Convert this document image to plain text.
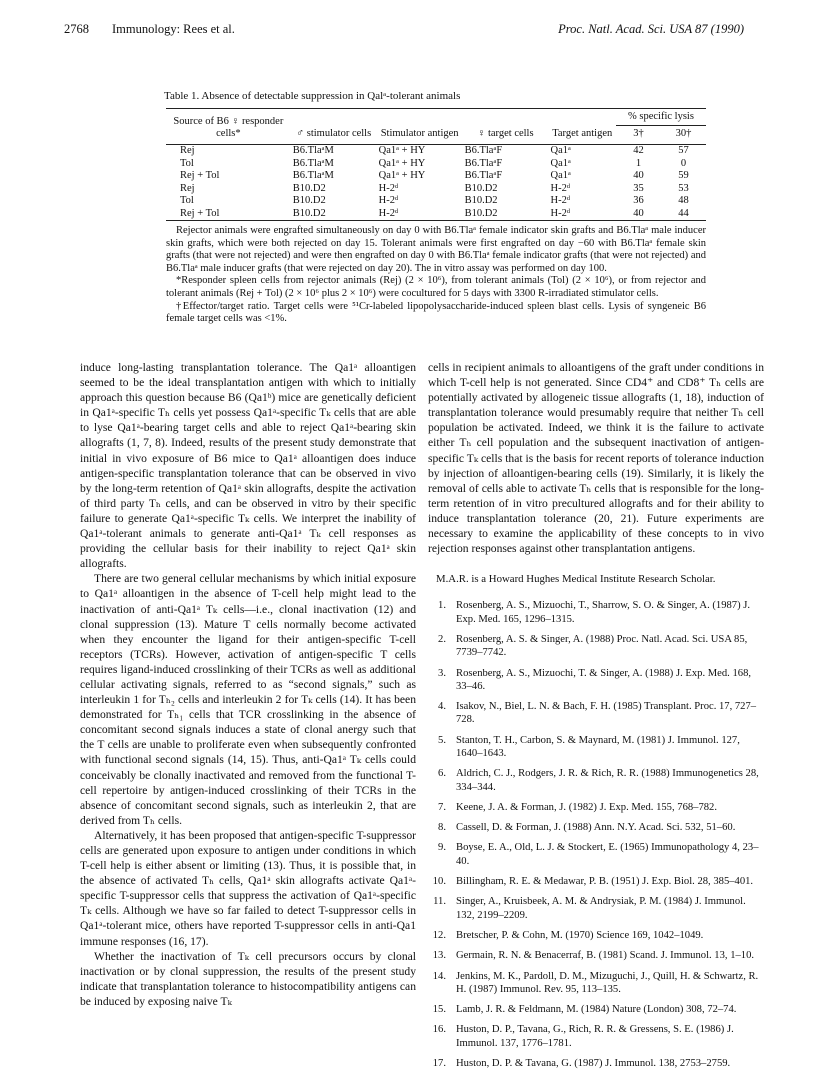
2768 Immunology: Rees et al.	Proc. Natl. Acad. Sci. USA 87 (1990)
Table 1. Absence of detectable suppression in Qalᵃ-tolerant animals
Source of B6 ♀ responder cells*	♂ stimulator cells	Stimulator antigen	♀ target cells	Target antigen	% specific lysis	
					3†	30†
Rej	B6.TlaᵃM	Qa1ᵃ + HY	B6.TlaᵃF	Qa1ᵃ	42	57
Tol	B6.TlaᵃM	Qa1ᵃ + HY	B6.TlaᵃF	Qa1ᵃ	1	0
Rej + Tol	B6.TlaᵃM	Qa1ᵃ + HY	B6.TlaᵃF	Qa1ᵃ	40	59
Rej	B10.D2	H-2ᵈ	B10.D2	H-2ᵈ	35	53
Tol	B10.D2	H-2ᵈ	B10.D2	H-2ᵈ	36	48
Rej + Tol	B10.D2	H-2ᵈ	B10.D2	H-2ᵈ	40	44

Rejector animals were engrafted simultaneously on day 0 with B6.Tlaᵃ female indicator skin grafts and B6.Tlaᵃ male inducer skin grafts, which were both rejected on day 15. Tolerant animals were first engrafted on day −60 with B6.Tlaᵃ female skin grafts (that were not rejected) and were then engrafted on day 0 with B6.Tlaᵃ female indicator grafts (that were not rejected) and B6.Tlaᵃ male inducer grafts (that were rejected on day 20). The in vitro assay was performed on day 100.

*Responder spleen cells from rejector animals (Rej) (2 × 10⁶), from tolerant animals (Tol) (2 × 10⁶), or from rejector and tolerant animals (Rej + Tol) (2 × 10⁶ plus 2 × 10⁶) were cocultured for 5 days with 3300 R-irradiated stimulator cells.

†Effector/target ratio. Target cells were ⁵¹Cr-labeled lipopolysaccharide-induced spleen blast cells. Lysis of syngeneic B6 female target cells was <1%.

induce long-lasting transplantation tolerance. The Qa1ᵃ alloantigen seemed to be the ideal transplantation antigen with which to initially approach this question because B6 (Qa1ᵇ) mice are genetically deficient in Qa1ᵃ-specific Tₕ cells yet possess Qa1ᵃ-specific Tₖ cells that are able to lyse Qa1ᵃ-bearing target cells and able to reject Qa1ᵃ-bearing skin allografts (1, 7, 8). Indeed, results of the present study demonstrate that initial in vivo exposure of B6 mice to Qa1ᵃ alloantigen does induce antigen-specific transplantation tolerance that can be observed in vivo by the long-term retention of Qa1ᵃ skin allografts, despite the activation of third party Tₕ cells, and can be observed in vitro by their specific failure to generate Qa1ᵃ-specific Tₖ cells. We interpret the inability of Qa1ᵃ-tolerant animals to generate anti-Qa1ᵃ Tₖ cell responses as providing the cellular basis for their inability to reject Qa1ᵃ skin allografts.

There are two general cellular mechanisms by which initial exposure to Qa1ᵃ alloantigen in the absence of T-cell help might lead to the inactivation of anti-Qa1ᵃ Tₖ cells—i.e., clonal inactivation (12) and clonal suppression (13). Mature T cells normally become activated when they encounter the ligand for their antigen-specific T-cell receptors (TCRs). However, activation of antigen-specific T cells requires ligand-induced crosslinking of their TCRs as well as additional cellular activating signals, referred to as “second signals,” such as interleukin 1 for Tₕ₂ cells and interleukin 2 for Tₖ cells (14). It has been demonstrated for Tₕ₁ cells that TCR crosslinking in the absence of concomitant second signals induces a state of clonal anergy such that the T cells are unable to proliferate even when subsequently confronted with functional second signals (14, 15). Thus, anti-Qa1ᵃ Tₖ cells could conceivably be clonally inactivated and removed from the functional T-cell repertoire by antigen-induced crosslinking of their TCRs in the absence of concomitant second signals, such as interleukin 2, that are derived from Tₕ cells.

Alternatively, it has been proposed that antigen-specific T-suppressor cells are generated upon exposure to antigen under conditions in which T-cell help is either absent or limiting (13). Thus, it is possible that, in the absence of activated Tₕ cells, Qa1ᵃ skin allografts activate Qa1ᵃ-specific T-suppressor cells that suppress the activation of Qa1ᵃ-specific Tₖ cells. Although we have so far failed to detect T-suppressor cells in Qa1ᵃ-tolerant mice, others have reported T-suppressor cells in anti-Qa1 immune responses (16, 17).

Whether the inactivation of Tₖ cell precursors occurs by clonal inactivation or by clonal suppression, the results of the present study indicate that transplantation tolerance to histocompatibility antigens can be induced by exposing naive Tₖ

cells in recipient animals to alloantigens of the graft under conditions in which T-cell help is not generated. Since CD4⁺ and CD8⁺ Tₕ cells are potentially activated by allogeneic tissue allografts (1, 18), induction of transplantation tolerance would presumably require that neither Tₕ cell population be activated. Indeed, we think it is the failure to activate either Tₕ cell population and the subsequent inactivation of antigen-specific Tₖ cells that is the basis for recent reports of tolerance induction by injection of alloantigen-bearing cells (19). Similarly, it is likely the removal of cells able to activate Tₕ cells that is responsible for the long-term retention of in vitro precultured allografts and for their ability to induce transplantation tolerance (20, 21). Future experiments are necessary to examine the applicability of these concepts to in vivo rejection responses against other transplantation antigens.

M.A.R. is a Howard Hughes Medical Institute Research Scholar.
1. Rosenberg, A. S., Mizuochi, T., Sharrow, S. O. & Singer, A. (1987) J. Exp. Med. 165, 1296–1315.
2. Rosenberg, A. S. & Singer, A. (1988) Proc. Natl. Acad. Sci. USA 85, 7739–7742.
3. Rosenberg, A. S., Mizuochi, T. & Singer, A. (1988) J. Exp. Med. 168, 33–46.
4. Isakov, N., Biel, L. N. & Bach, F. H. (1985) Transplant. Proc. 17, 727–728.
5. Stanton, T. H., Carbon, S. & Maynard, M. (1981) J. Immunol. 127, 1640–1643.
6. Aldrich, C. J., Rodgers, J. R. & Rich, R. R. (1988) Immunogenetics 28, 334–344.
7. Keene, J. A. & Forman, J. (1982) J. Exp. Med. 155, 768–782.
8. Cassell, D. & Forman, J. (1988) Ann. N.Y. Acad. Sci. 532, 51–60.
9. Boyse, E. A., Old, L. J. & Stockert, E. (1965) Immunopathology 4, 23–40.
10. Billingham, R. E. & Medawar, P. B. (1951) J. Exp. Biol. 28, 385–401.
11. Singer, A., Kruisbeek, A. M. & Andrysiak, P. M. (1984) J. Immunol. 132, 2199–2209.
12. Bretscher, P. & Cohn, M. (1970) Science 169, 1042–1049.
13. Germain, R. N. & Benacerraf, B. (1981) Scand. J. Immunol. 13, 1–10.
14. Jenkins, M. K., Pardoll, D. M., Mizuguchi, J., Quill, H. & Schwartz, R. H. (1987) Immunol. Rev. 95, 113–135.
15. Lamb, J. R. & Feldmann, M. (1984) Nature (London) 308, 72–74.
16. Huston, D. P., Tavana, G., Rich, R. R. & Gressens, S. E. (1986) J. Immunol. 137, 1776–1781.
17. Huston, D. P. & Tavana, G. (1987) J. Immunol. 138, 2753–2759.
